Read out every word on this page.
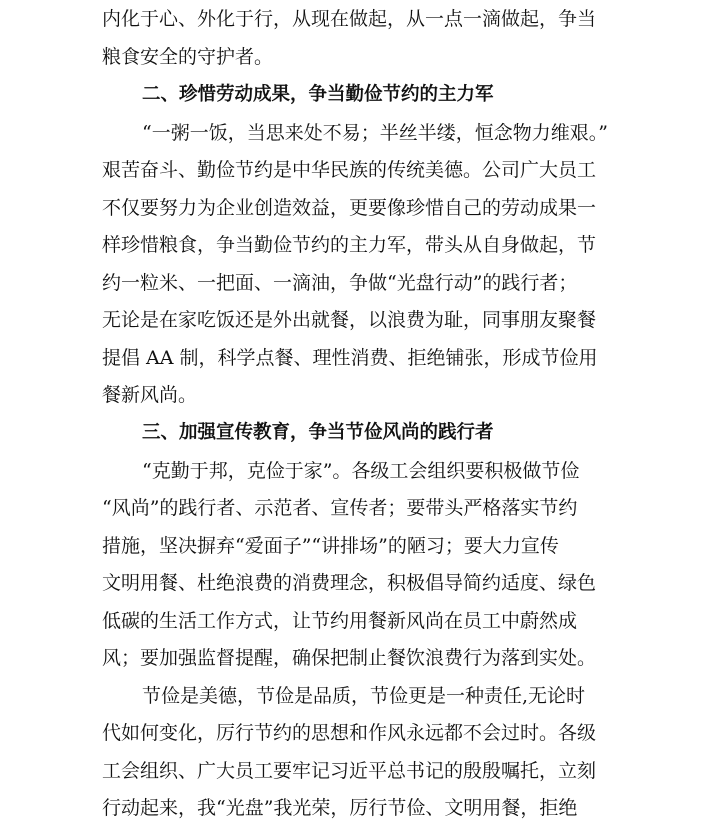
内化于心、外化于行，从现在做起，从一点一滴做起，争当
粮食安全的守护者。
二、珍惜劳动成果，争当勤俭节约的主力军
“一粥一饭，当思来处不易；半丝半缕，恒念物力维艰。”
艰苦奋斗、勤俭节约是中华民族的传统美德。公司广大员工
不仅要努力为企业创造效益，更要像珍惜自己的劳动成果一
样珍惜粮食，争当勤俭节约的主力军，带头从自身做起，节
约一粒米、一把面、一滴油，争做“光盘行动”的践行者；
无论是在家吃饭还是外出就餐，以浪费为耻，同事朋友聚餐
提倡 AA 制，科学点餐、理性消费、拒绝铺张，形成节俭用
餐新风尚。
三、加强宣传教育，争当节俭风尚的践行者
“克勤于邦，克俭于家”。各级工会组织要积极做节俭
“风尚”的践行者、示范者、宣传者；要带头严格落实节约
措施，坚决摒弃“爱面子”“讲排场”的陋习；要大力宣传
文明用餐、杜绝浪费的消费理念，积极倡导简约适度、绿色
低碳的生活工作方式，让节约用餐新风尚在员工中蔚然成
风；要加强监督提醒，确保把制止餐饮浪费行为落到实处。
节俭是美德，节俭是品质，节俭更是一种责任,无论时
代如何变化，厉行节约的思想和作风永远都不会过时。各级
工会组织、广大员工要牢记习近平总书记的殷殷嘱托，立刻
行动起来，我“光盘”我光荣，厉行节俭、文明用餐，拒绝
